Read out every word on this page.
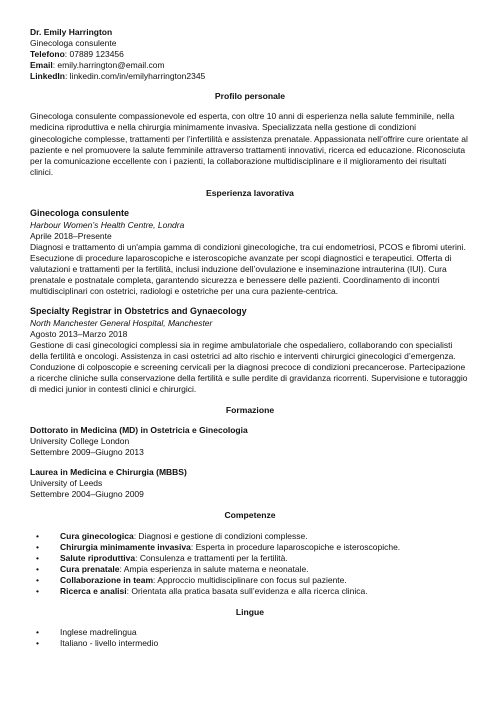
Dr. Emily Harrington
Ginecologa consulente
Telefono: 07889 123456
Email: emily.harrington@email.com
LinkedIn: linkedin.com/in/emilyharrington2345
Profilo personale

Ginecologa consulente compassionevole ed esperta, con oltre 10 anni di esperienza nella salute femminile, nella medicina riproduttiva e nella chirurgia minimamente invasiva. Specializzata nella gestione di condizioni ginecologiche complesse, trattamenti per l’infertilità e assistenza prenatale. Appassionata nell’offrire cure orientate al paziente e nel promuovere la salute femminile attraverso trattamenti innovativi, ricerca ed educazione. Riconosciuta per la comunicazione eccellente con i pazienti, la collaborazione multidisciplinare e il miglioramento dei risultati clinici.

Esperienza lavorativa
Ginecologa consulente
Harbour Women’s Health Centre, Londra
Aprile 2018–Presente
Diagnosi e trattamento di un'ampia gamma di condizioni ginecologiche, tra cui endometriosi, PCOS e fibromi uterini. Esecuzione di procedure laparoscopiche e isteroscopiche avanzate per scopi diagnostici e terapeutici. Offerta di valutazioni e trattamenti per la fertilità, inclusi induzione dell’ovulazione e inseminazione intrauterina (IUI). Cura prenatale e postnatale completa, garantendo sicurezza e benessere delle pazienti. Coordinamento di incontri multidisciplinari con ostetrici, radiologi e ostetriche per una cura paziente-centrica.
Specialty Registrar in Obstetrics and Gynaecology
North Manchester General Hospital, Manchester
Agosto 2013–Marzo 2018
Gestione di casi ginecologici complessi sia in regime ambulatoriale che ospedaliero, collaborando con specialisti della fertilità e oncologi. Assistenza in casi ostetrici ad alto rischio e interventi chirurgici ginecologici d’emergenza. Conduzione di colposcopie e screening cervicali per la diagnosi precoce di condizioni precancerose. Partecipazione a ricerche cliniche sulla conservazione della fertilità e sulle perdite di gravidanza ricorrenti. Supervisione e tutoraggio di medici junior in contesti clinici e chirurgici.
Formazione
Dottorato in Medicina (MD) in Ostetricia e Ginecologia
University College London
Settembre 2009–Giugno 2013
Laurea in Medicina e Chirurgia (MBBS)
University of Leeds
Settembre 2004–Giugno 2009
Competenze
• Cura ginecologica: Diagnosi e gestione di condizioni complesse.
• Chirurgia minimamente invasiva: Esperta in procedure laparoscopiche e isteroscopiche.
• Salute riproduttiva: Consulenza e trattamenti per la fertilità.
• Cura prenatale: Ampia esperienza in salute materna e neonatale.
• Collaborazione in team: Approccio multidisciplinare con focus sul paziente.
• Ricerca e analisi: Orientata alla pratica basata sull’evidenza e alla ricerca clinica.
Lingue
• Inglese madrelingua
• Italiano - livello intermedio
